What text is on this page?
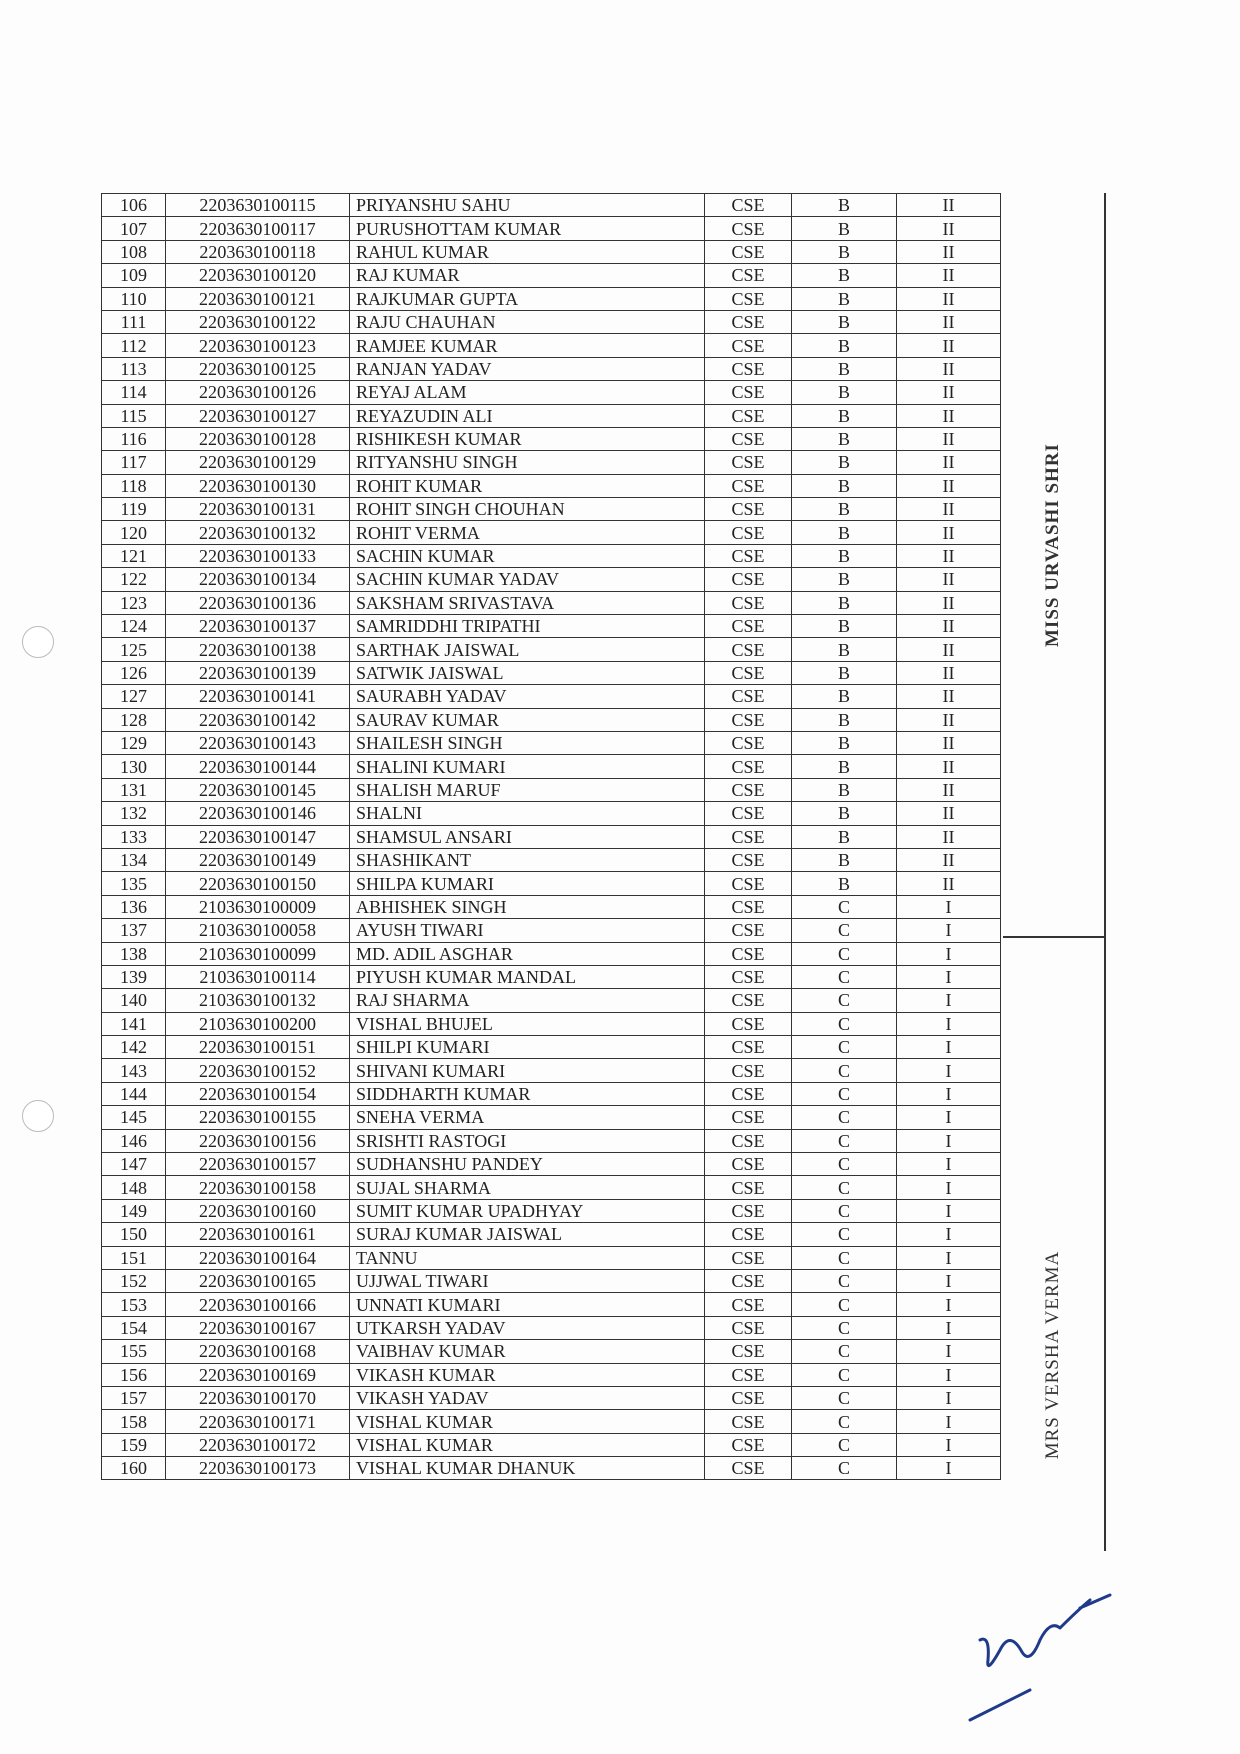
106	2203630100115	PRIYANSHU SAHU	CSE	B	II
107	2203630100117	PURUSHOTTAM KUMAR	CSE	B	II
108	2203630100118	RAHUL KUMAR	CSE	B	II
109	2203630100120	RAJ KUMAR	CSE	B	II
110	2203630100121	RAJKUMAR GUPTA	CSE	B	II
111	2203630100122	RAJU CHAUHAN	CSE	B	II
112	2203630100123	RAMJEE KUMAR	CSE	B	II
113	2203630100125	RANJAN YADAV	CSE	B	II
114	2203630100126	REYAJ ALAM	CSE	B	II
115	2203630100127	REYAZUDIN ALI	CSE	B	II
116	2203630100128	RISHIKESH KUMAR	CSE	B	II
117	2203630100129	RITYANSHU SINGH	CSE	B	II
118	2203630100130	ROHIT KUMAR	CSE	B	II
119	2203630100131	ROHIT SINGH CHOUHAN	CSE	B	II
120	2203630100132	ROHIT VERMA	CSE	B	II
121	2203630100133	SACHIN KUMAR	CSE	B	II
122	2203630100134	SACHIN KUMAR YADAV	CSE	B	II
123	2203630100136	SAKSHAM SRIVASTAVA	CSE	B	II
124	2203630100137	SAMRIDDHI TRIPATHI	CSE	B	II
125	2203630100138	SARTHAK JAISWAL	CSE	B	II
126	2203630100139	SATWIK JAISWAL	CSE	B	II
127	2203630100141	SAURABH YADAV	CSE	B	II
128	2203630100142	SAURAV KUMAR	CSE	B	II
129	2203630100143	SHAILESH SINGH	CSE	B	II
130	2203630100144	SHALINI KUMARI	CSE	B	II
131	2203630100145	SHALISH MARUF	CSE	B	II
132	2203630100146	SHALNI	CSE	B	II
133	2203630100147	SHAMSUL ANSARI	CSE	B	II
134	2203630100149	SHASHIKANT	CSE	B	II
135	2203630100150	SHILPA KUMARI	CSE	B	II
136	2103630100009	ABHISHEK SINGH	CSE	C	I
137	2103630100058	AYUSH TIWARI	CSE	C	I
138	2103630100099	MD. ADIL ASGHAR	CSE	C	I
139	2103630100114	PIYUSH KUMAR MANDAL	CSE	C	I
140	2103630100132	RAJ SHARMA	CSE	C	I
141	2103630100200	VISHAL BHUJEL	CSE	C	I
142	2203630100151	SHILPI KUMARI	CSE	C	I
143	2203630100152	SHIVANI KUMARI	CSE	C	I
144	2203630100154	SIDDHARTH KUMAR	CSE	C	I
145	2203630100155	SNEHA VERMA	CSE	C	I
146	2203630100156	SRISHTI RASTOGI	CSE	C	I
147	2203630100157	SUDHANSHU PANDEY	CSE	C	I
148	2203630100158	SUJAL SHARMA	CSE	C	I
149	2203630100160	SUMIT KUMAR UPADHYAY	CSE	C	I
150	2203630100161	SURAJ KUMAR JAISWAL	CSE	C	I
151	2203630100164	TANNU	CSE	C	I
152	2203630100165	UJJWAL TIWARI	CSE	C	I
153	2203630100166	UNNATI KUMARI	CSE	C	I
154	2203630100167	UTKARSH YADAV	CSE	C	I
155	2203630100168	VAIBHAV KUMAR	CSE	C	I
156	2203630100169	VIKASH KUMAR	CSE	C	I
157	2203630100170	VIKASH YADAV	CSE	C	I
158	2203630100171	VISHAL KUMAR	CSE	C	I
159	2203630100172	VISHAL KUMAR	CSE	C	I
160	2203630100173	VISHAL KUMAR DHANUK	CSE	C	I
MISS URVASHI SHRI
MRS VERSHA VERMA
